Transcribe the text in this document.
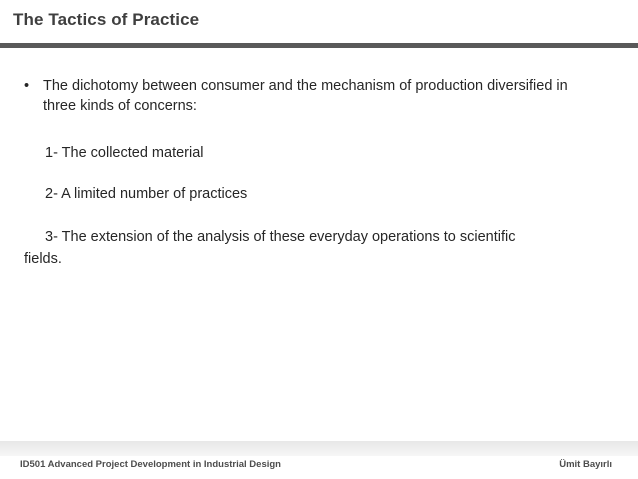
The Tactics of Practice
• The dichotomy between consumer and the mechanism of production diversified in three kinds of concerns:
1- The collected material
2- A limited number of practices
3- The extension of the analysis of these everyday operations to scientific
fields.
ID501 Advanced Project Development in Industrial Design	Ümit Bayırlı
